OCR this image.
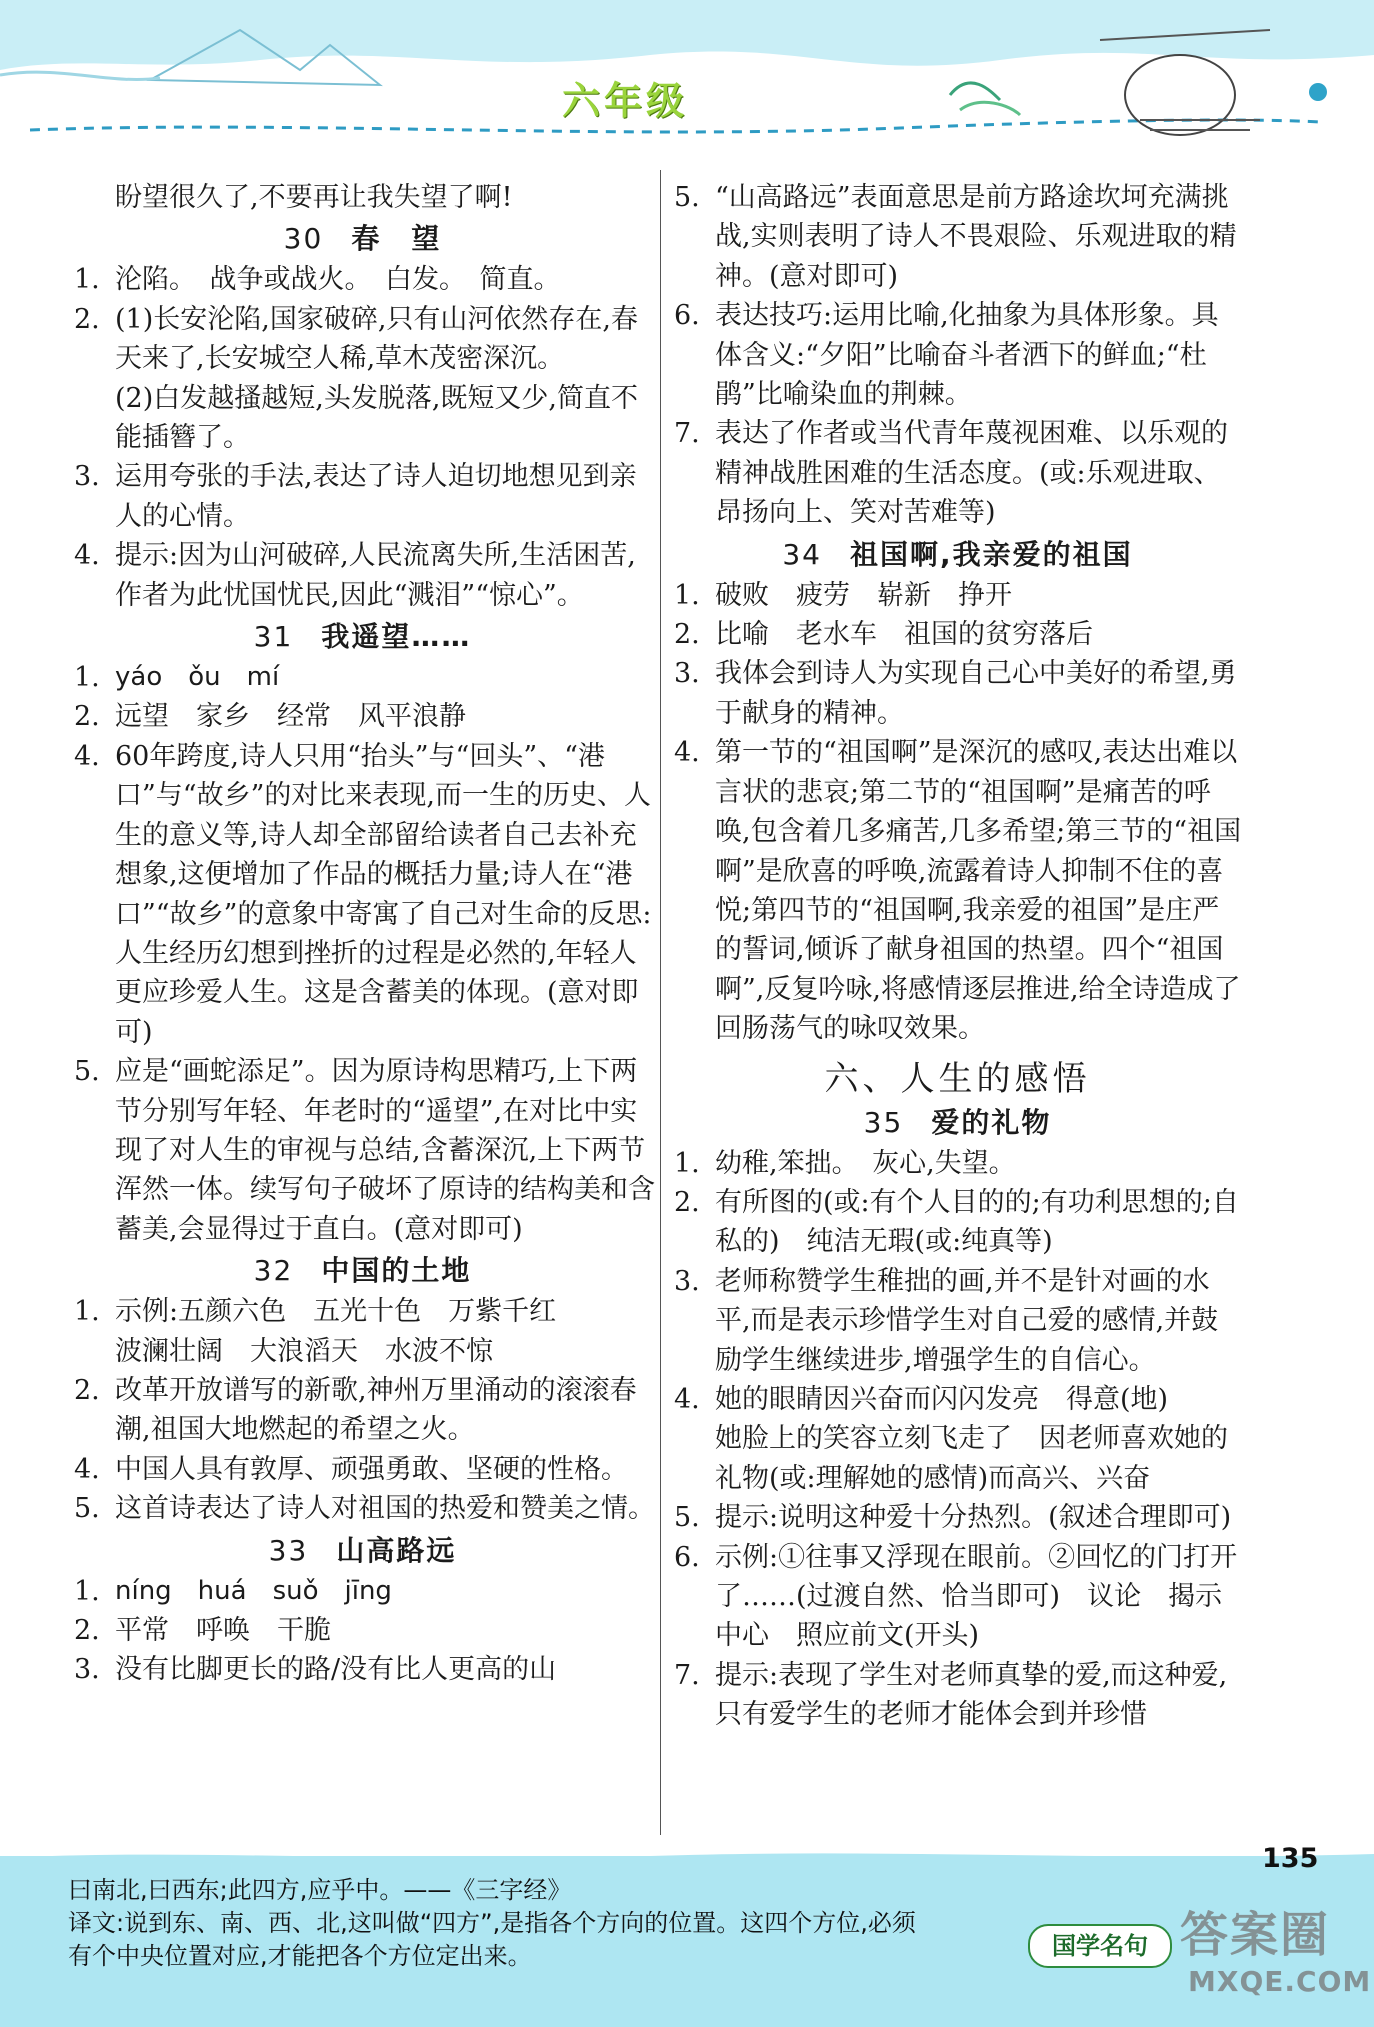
六年级
盼望很久了,不要再让我失望了啊!
30 春　望
1. 沦陷。　战争或战火。　白发。　简直。
2. (1)长安沦陷,国家破碎,只有山河依然存在,春天来了,长安城空人稀,草木茂密深沉。
(2)白发越搔越短,头发脱落,既短又少,简直不能插簪了。
3. 运用夸张的手法,表达了诗人迫切地想见到亲人的心情。
4. 提示:因为山河破碎,人民流离失所,生活困苦,作者为此忧国忧民,因此“溅泪”“惊心”。
31 我遥望……
1. yáo　ǒu　mí
2. 远望　家乡　经常　风平浪静
4. 60年跨度,诗人只用“抬头”与“回头”、“港口”与“故乡”的对比来表现,而一生的历史、人生的意义等,诗人却全部留给读者自己去补充想象,这便增加了作品的概括力量;诗人在“港口”“故乡”的意象中寄寓了自己对生命的反思:人生经历幻想到挫折的过程是必然的,年轻人更应珍爱人生。这是含蓄美的体现。(意对即可)
5. 应是“画蛇添足”。因为原诗构思精巧,上下两节分别写年轻、年老时的“遥望”,在对比中实现了对人生的审视与总结,含蓄深沉,上下两节浑然一体。续写句子破坏了原诗的结构美和含蓄美,会显得过于直白。(意对即可)
32 中国的土地
1. 示例:五颜六色　五光十色　万紫千红
波澜壮阔　大浪滔天　水波不惊
2. 改革开放谱写的新歌,神州万里涌动的滚滚春潮,祖国大地燃起的希望之火。
4. 中国人具有敦厚、顽强勇敢、坚硬的性格。
5. 这首诗表达了诗人对祖国的热爱和赞美之情。
33 山高路远
1. níng　huá　suǒ　jīng
2. 平常　呼唤　干脆
3. 没有比脚更长的路/没有比人更高的山
5. “山高路远”表面意思是前方路途坎坷充满挑战,实则表明了诗人不畏艰险、乐观进取的精神。(意对即可)
6. 表达技巧:运用比喻,化抽象为具体形象。具体含义:“夕阳”比喻奋斗者洒下的鲜血;“杜鹃”比喻染血的荆棘。
7. 表达了作者或当代青年蔑视困难、以乐观的精神战胜困难的生活态度。(或:乐观进取、昂扬向上、笑对苦难等)
34 祖国啊,我亲爱的祖国
1. 破败　疲劳　崭新　挣开
2. 比喻　老水车　祖国的贫穷落后
3. 我体会到诗人为实现自己心中美好的希望,勇于献身的精神。
4. 第一节的“祖国啊”是深沉的感叹,表达出难以言状的悲哀;第二节的“祖国啊”是痛苦的呼唤,包含着几多痛苦,几多希望;第三节的“祖国啊”是欣喜的呼唤,流露着诗人抑制不住的喜悦;第四节的“祖国啊,我亲爱的祖国”是庄严的誓词,倾诉了献身祖国的热望。四个“祖国啊”,反复吟咏,将感情逐层推进,给全诗造成了回肠荡气的咏叹效果。
六、人生的感悟
35 爱的礼物
1. 幼稚,笨拙。　灰心,失望。
2. 有所图的(或:有个人目的的;有功利思想的;自私的)　纯洁无瑕(或:纯真等)
3. 老师称赞学生稚拙的画,并不是针对画的水平,而是表示珍惜学生对自己爱的感情,并鼓励学生继续进步,增强学生的自信心。
4. 她的眼睛因兴奋而闪闪发亮　得意(地)
她脸上的笑容立刻飞走了　因老师喜欢她的礼物(或:理解她的感情)而高兴、兴奋
5. 提示:说明这种爱十分热烈。(叙述合理即可)
6. 示例:①往事又浮现在眼前。②回忆的门打开了……(过渡自然、恰当即可)　议论　揭示中心　照应前文(开头)
7. 提示:表现了学生对老师真挚的爱,而这种爱,只有爱学生的老师才能体会到并珍惜
135
曰南北,曰西东;此四方,应乎中。——《三字经》
译文:说到东、南、西、北,这叫做“四方”,是指各个方向的位置。这四个方位,必须
有个中央位置对应,才能把各个方位定出来。	国学名句 答案圈
MXQE.COM
